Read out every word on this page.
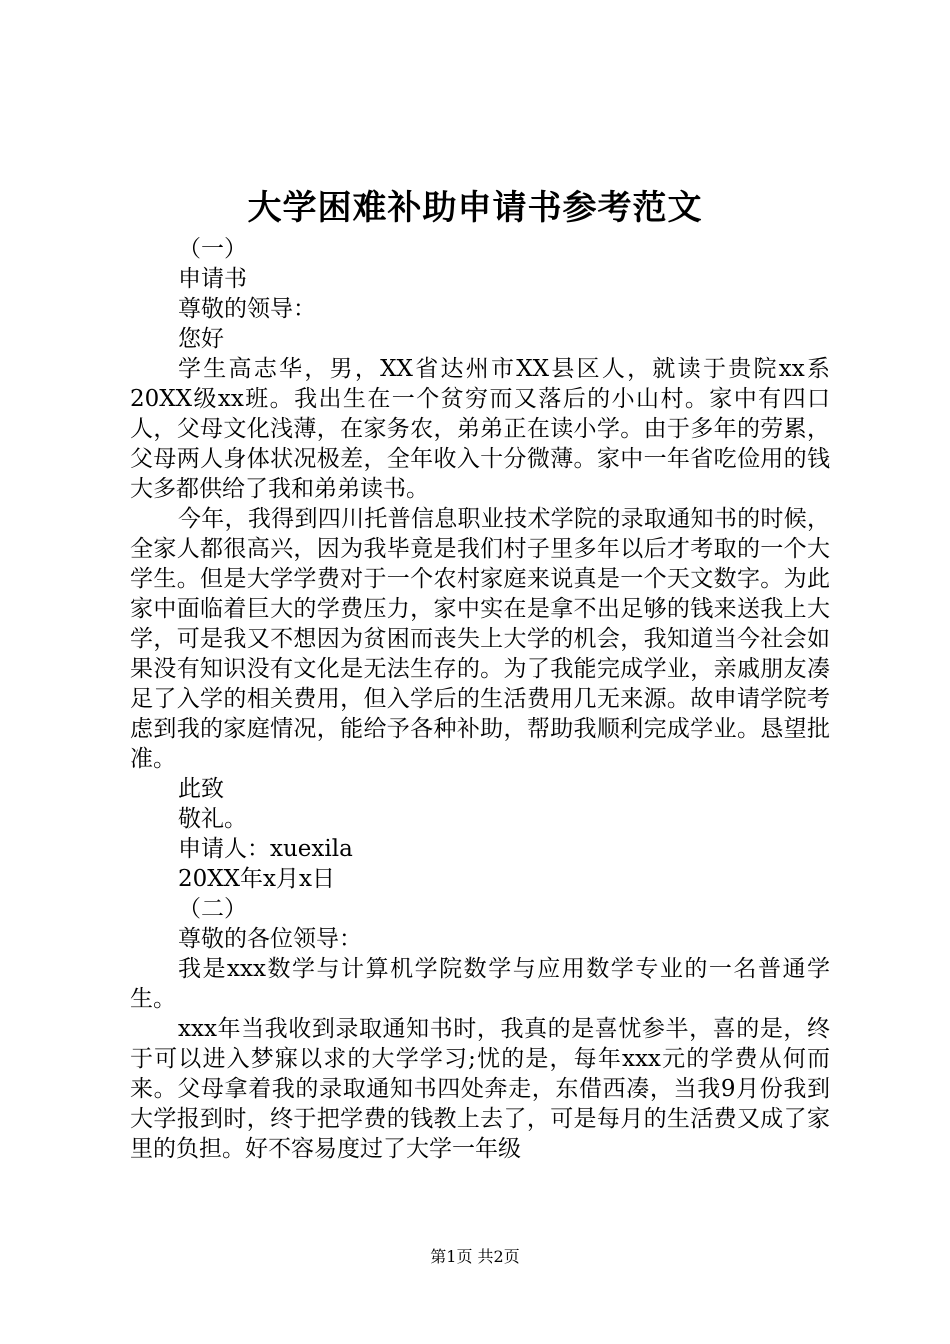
大学困难补助申请书参考范文
（一）
申请书
尊敬的领导：
您好

学生高志华，男，XX省达州市XX县区人，就读于贵院xx系20XX级xx班。我出生在一个贫穷而又落后的小山村。家中有四口人，父母文化浅薄，在家务农，弟弟正在读小学。由于多年的劳累，父母两人身体状况极差，全年收入十分微薄。家中一年省吃俭用的钱大多都供给了我和弟弟读书。

今年，我得到四川托普信息职业技术学院的录取通知书的时候，全家人都很高兴，因为我毕竟是我们村子里多年以后才考取的一个大学生。但是大学学费对于一个农村家庭来说真是一个天文数字。为此家中面临着巨大的学费压力，家中实在是拿不出足够的钱来送我上大学，可是我又不想因为贫困而丧失上大学的机会，我知道当今社会如果没有知识没有文化是无法生存的。为了我能完成学业，亲戚朋友凑足了入学的相关费用，但入学后的生活费用几无来源。故申请学院考虑到我的家庭情况，能给予各种补助，帮助我顺利完成学业。恳望批准。

此致
敬礼。
申请人：xuexila
20XX年x月x日
（二）
尊敬的各位领导：

我是xxx数学与计算机学院数学与应用数学专业的一名普通学生。

xxx年当我收到录取通知书时，我真的是喜忧参半，喜的是，终于可以进入梦寐以求的大学学习;忧的是，每年xxx元的学费从何而来。父母拿着我的录取通知书四处奔走，东借西凑，当我9月份我到大学报到时，终于把学费的钱教上去了，可是每月的生活费又成了家里的负担。好不容易度过了大学一年级

第1页 共2页
